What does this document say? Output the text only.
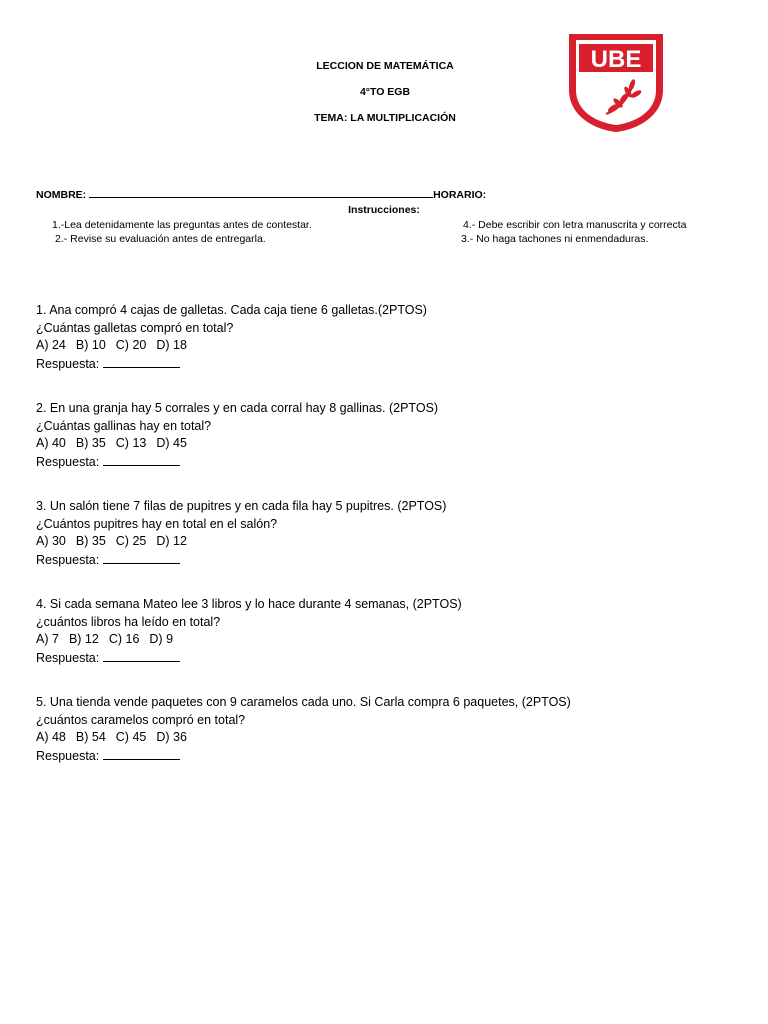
LECCION DE MATEMÁTICA
4°TO EGB
TEMA: LA MULTIPLICACIÓN
UBE
NOMBRE:	HORARIO:
Instrucciones:
1.-Lea detenidamente las preguntas antes de contestar.
2.- Revise su evaluación antes de entregarla.
4.- Debe escribir con letra manuscrita y correcta
3.- No haga tachones ni enmendaduras.
1. Ana compró 4 cajas de galletas. Cada caja tiene 6 galletas.(2PTOS)
¿Cuántas galletas compró en total?
A) 24 B) 10 C) 20 D) 18
Respuesta:
2. En una granja hay 5 corrales y en cada corral hay 8 gallinas. (2PTOS)
¿Cuántas gallinas hay en total?
A) 40 B) 35 C) 13 D) 45
Respuesta:
3. Un salón tiene 7 filas de pupitres y en cada fila hay 5 pupitres. (2PTOS)
¿Cuántos pupitres hay en total en el salón?
A) 30 B) 35 C) 25 D) 12
Respuesta:
4. Si cada semana Mateo lee 3 libros y lo hace durante 4 semanas, (2PTOS)
¿cuántos libros ha leído en total?
A) 7 B) 12 C) 16 D) 9
Respuesta:
5. Una tienda vende paquetes con 9 caramelos cada uno. Si Carla compra 6 paquetes, (2PTOS)
¿cuántos caramelos compró en total?
A) 48 B) 54 C) 45 D) 36
Respuesta:
